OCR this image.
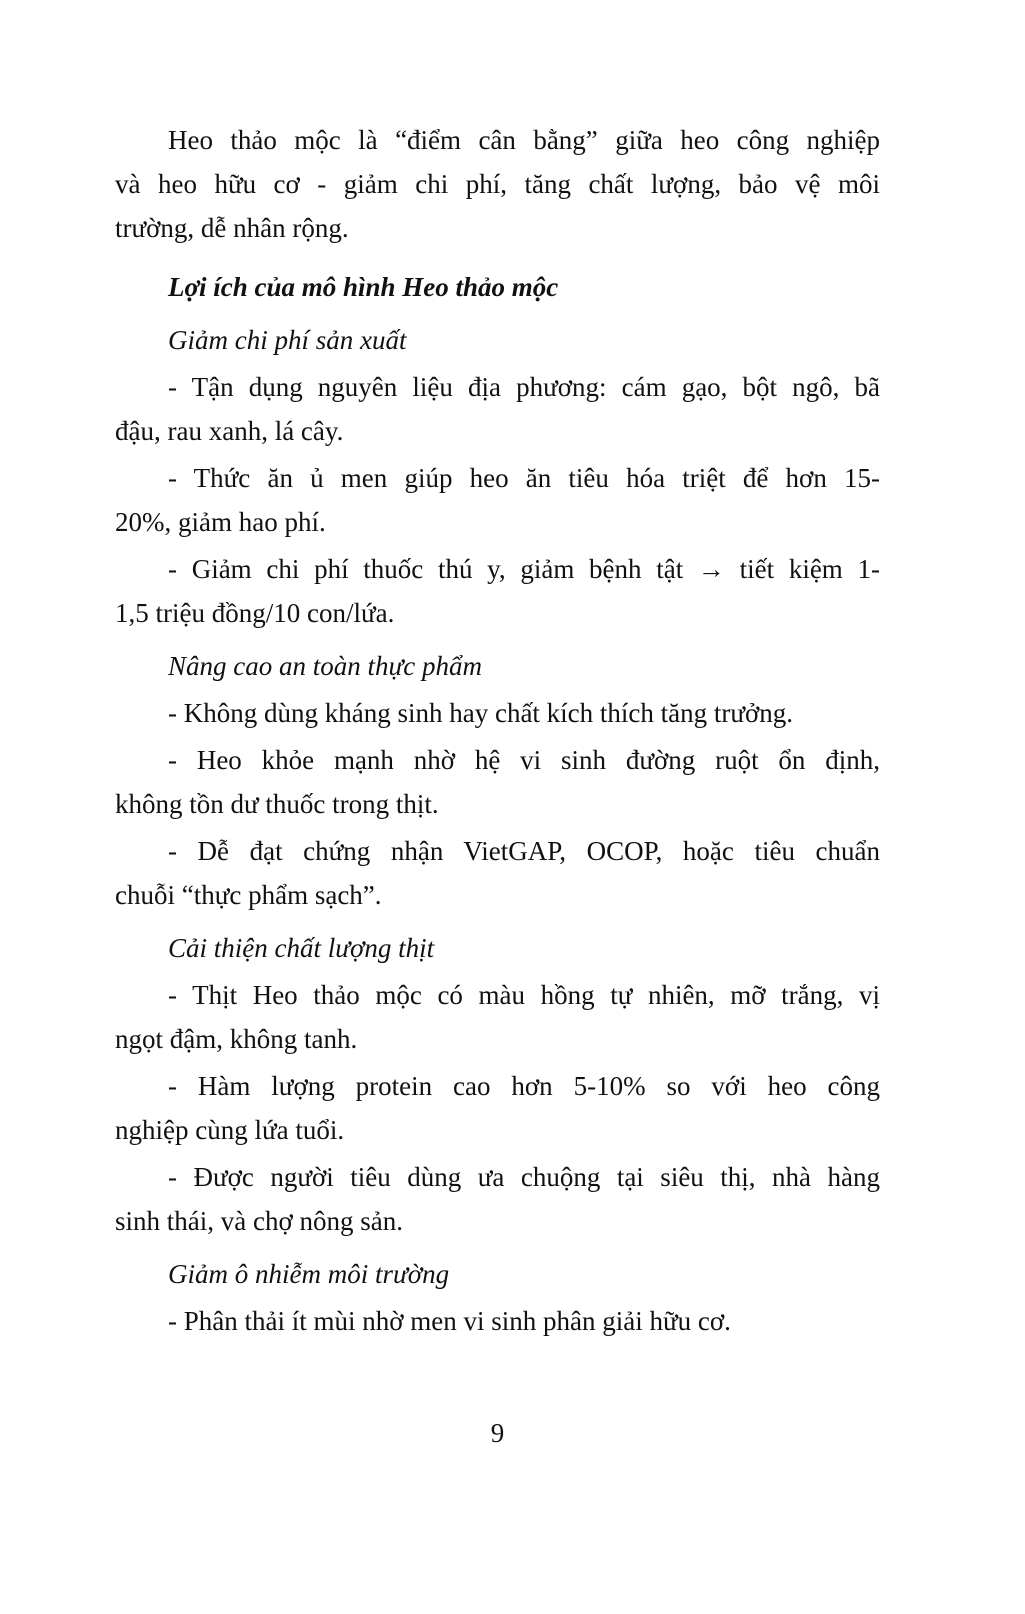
Heo thảo mộc là “điểm cân bằng” giữa heo công nghiệp
và heo hữu cơ - giảm chi phí, tăng chất lượng, bảo vệ môi
trường, dễ nhân rộng.
Lợi ích của mô hình Heo thảo mộc
Giảm chi phí sản xuất
- Tận dụng nguyên liệu địa phương: cám gạo, bột ngô, bã
đậu, rau xanh, lá cây.
- Thức ăn ủ men giúp heo ăn tiêu hóa triệt để hơn 15-
20%, giảm hao phí.
- Giảm chi phí thuốc thú y, giảm bệnh tật → tiết kiệm 1-
1,5 triệu đồng/10 con/lứa.
Nâng cao an toàn thực phẩm
- Không dùng kháng sinh hay chất kích thích tăng trưởng.
- Heo khỏe mạnh nhờ hệ vi sinh đường ruột ổn định,
không tồn dư thuốc trong thịt.
- Dễ đạt chứng nhận VietGAP, OCOP, hoặc tiêu chuẩn
chuỗi “thực phẩm sạch”.
Cải thiện chất lượng thịt
- Thịt Heo thảo mộc có màu hồng tự nhiên, mỡ trắng, vị
ngọt đậm, không tanh.
- Hàm lượng protein cao hơn 5-10% so với heo công
nghiệp cùng lứa tuổi.
- Được người tiêu dùng ưa chuộng tại siêu thị, nhà hàng
sinh thái, và chợ nông sản.
Giảm ô nhiễm môi trường
- Phân thải ít mùi nhờ men vi sinh phân giải hữu cơ.
9
